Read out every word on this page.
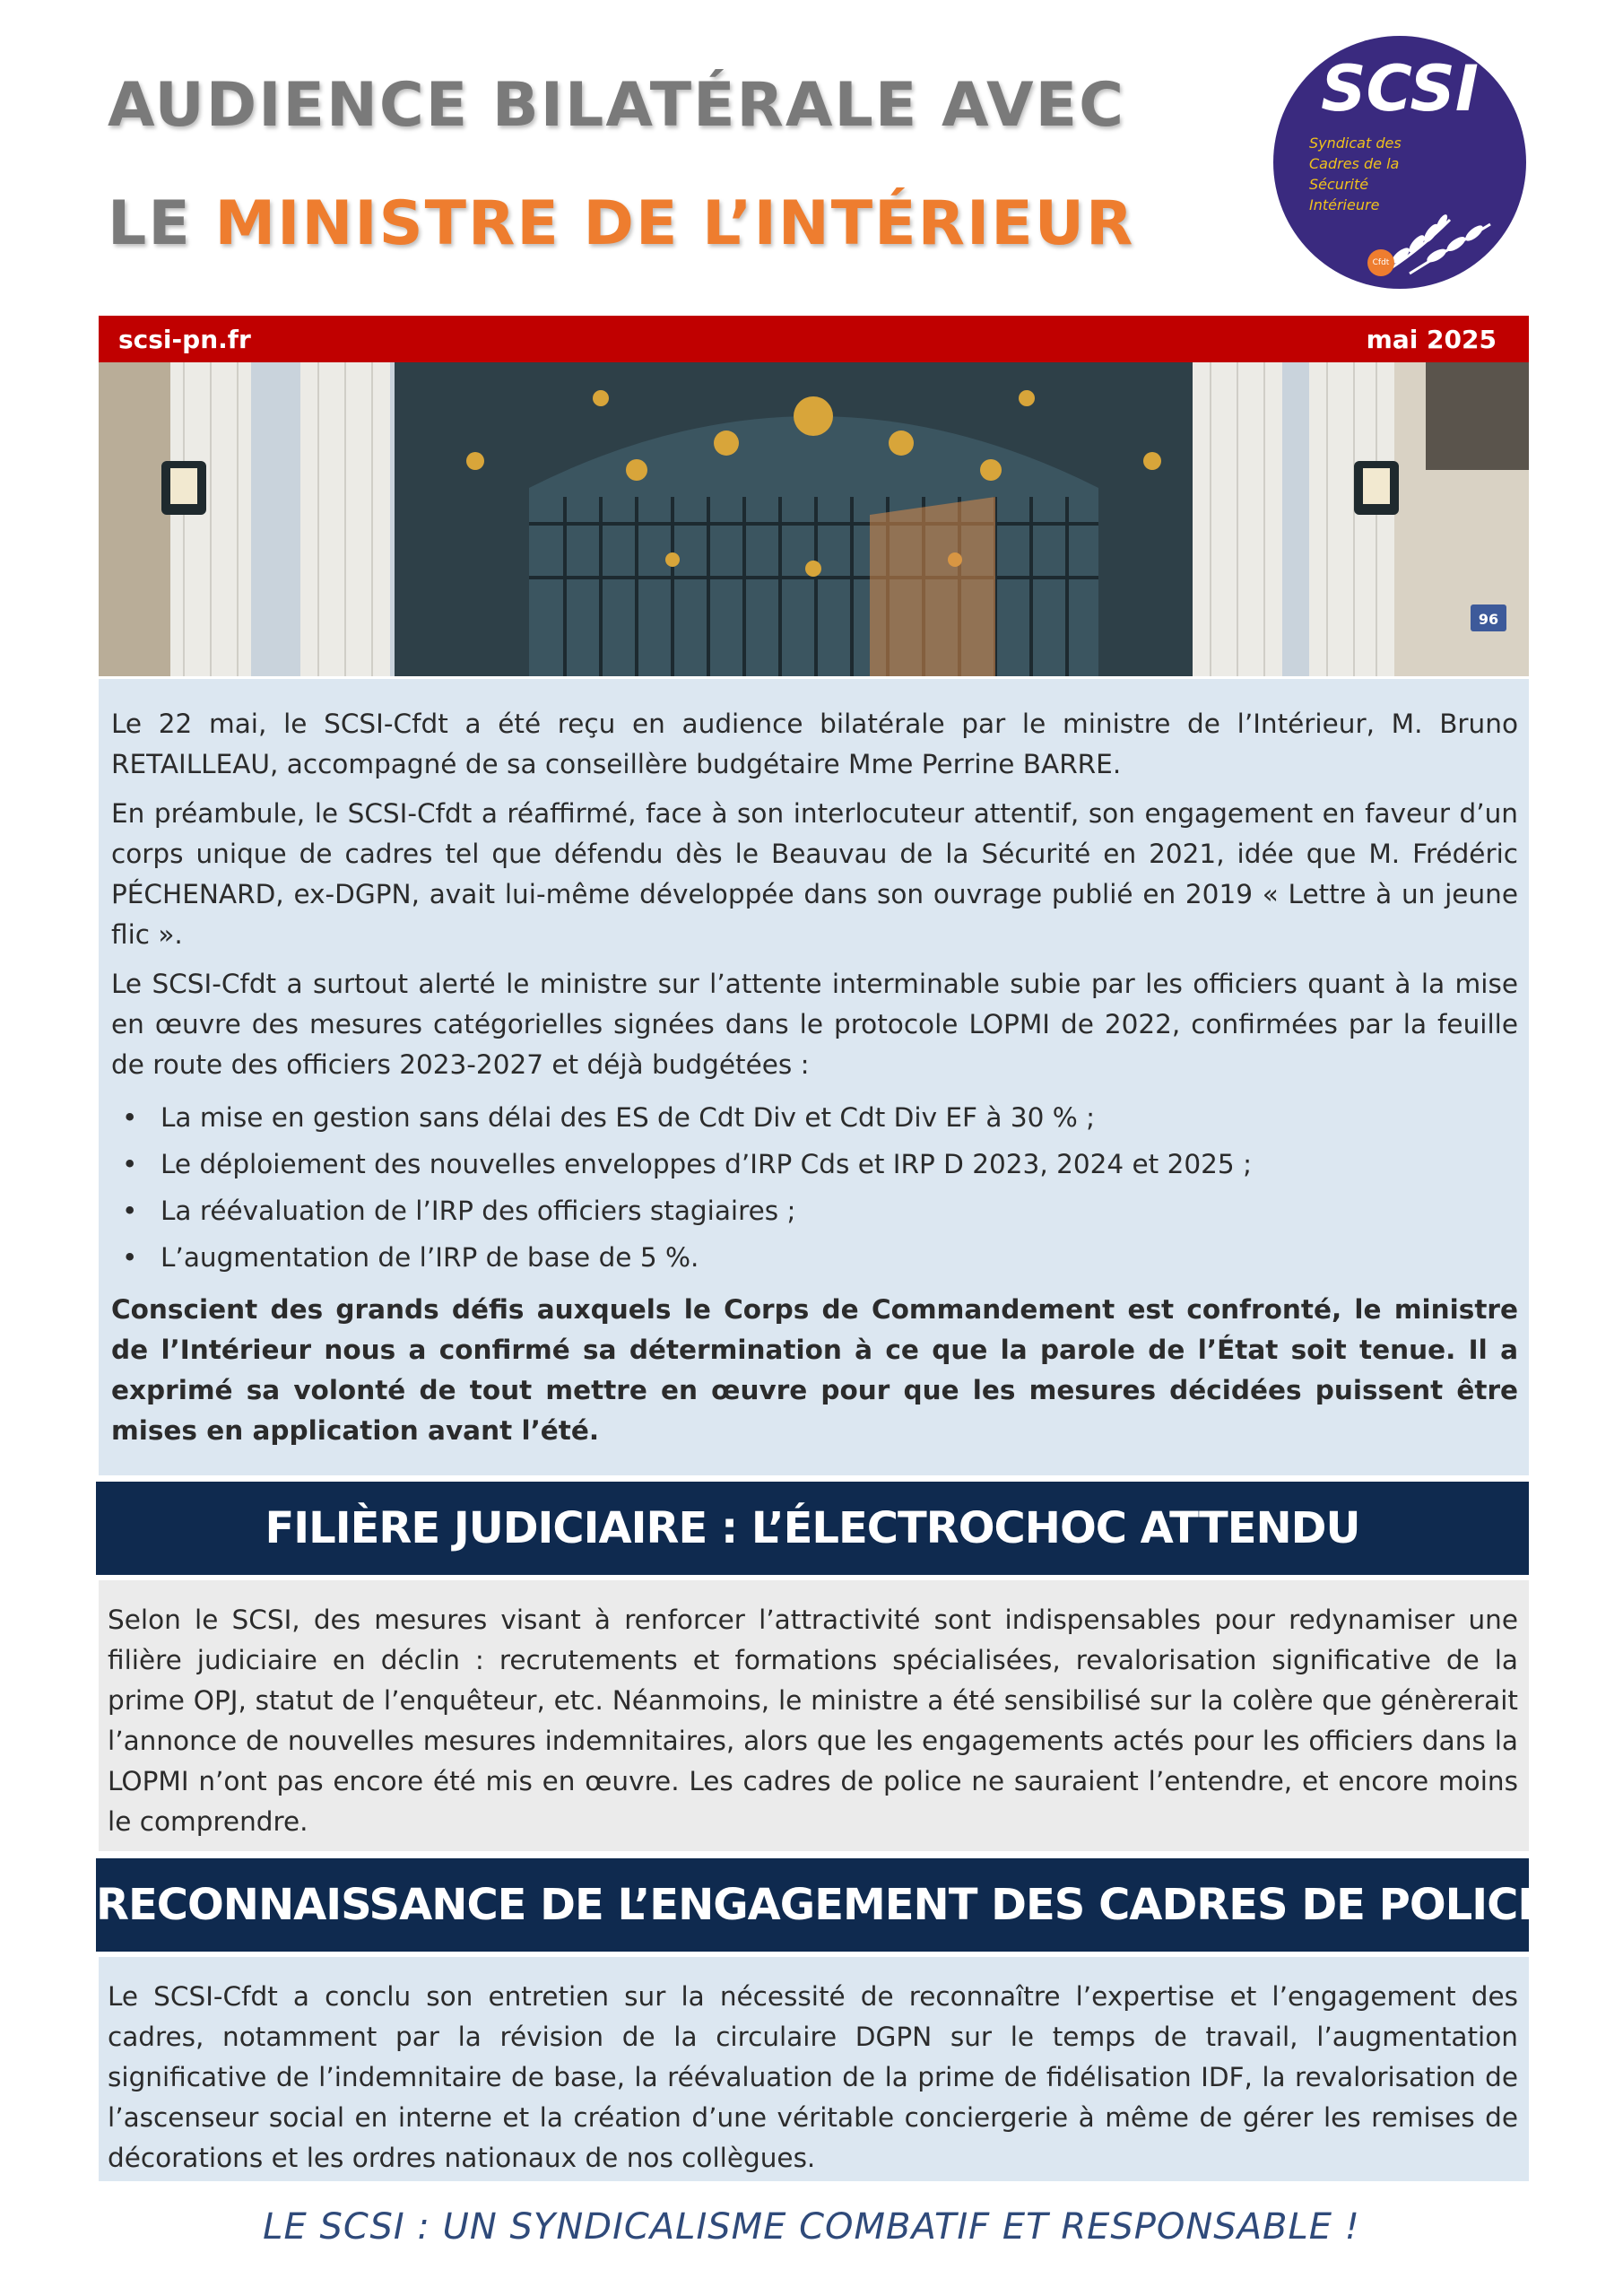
AUDIENCE BILATÉRALE AVEC
LE MINISTRE DE L’INTÉRIEUR
SCSI
Syndicat des
Cadres de la
Sécurité
Intérieure
Cfdt
scsi-pn.fr	mai 2025
96

Le 22 mai, le SCSI-Cfdt a été reçu en audience bilatérale par le ministre de l’Intérieur, M. Bruno RETAILLEAU, accompagné de sa conseillère budgétaire Mme Perrine BARRE.

En préambule, le SCSI-Cfdt a réaffirmé, face à son interlocuteur attentif, son engagement en faveur d’un corps unique de cadres tel que défendu dès le Beauvau de la Sécurité en 2021, idée que M. Frédéric PÉCHENARD, ex-DGPN, avait lui-même développée dans son ouvrage publié en 2019 « Lettre à un jeune flic ».

Le SCSI-Cfdt a surtout alerté le ministre sur l’attente interminable subie par les officiers quant à la mise en œuvre des mesures catégorielles signées dans le protocole LOPMI de 2022, confirmées par la feuille de route des officiers 2023-2027 et déjà budgétées :

• La mise en gestion sans délai des ES de Cdt Div et Cdt Div EF à 30 % ;
• Le déploiement des nouvelles enveloppes d’IRP Cds et IRP D 2023, 2024 et 2025 ;
• La réévaluation de l’IRP des officiers stagiaires ;
• L’augmentation de l’IRP de base de 5 %.

Conscient des grands défis auxquels le Corps de Commandement est confronté, le ministre de l’Intérieur nous a confirmé sa détermination à ce que la parole de l’État soit tenue. Il a exprimé sa volonté de tout mettre en œuvre pour que les mesures décidées puissent être mises en application avant l’été.

FILIÈRE JUDICIAIRE : L’ÉLECTROCHOC ATTENDU

Selon le SCSI, des mesures visant à renforcer l’attractivité sont indispensables pour redynamiser une filière judiciaire en déclin : recrutements et formations spécialisées, revalorisation significative de la prime OPJ, statut de l’enquêteur, etc. Néanmoins, le ministre a été sensibilisé sur la colère que génèrerait l’annonce de nouvelles mesures indemnitaires, alors que les engagements actés pour les officiers dans la LOPMI n’ont pas encore été mis en œuvre. Les cadres de police ne sauraient l’entendre, et encore moins le comprendre.

RECONNAISSANCE DE L’ENGAGEMENT DES CADRES DE POLICE

Le SCSI-Cfdt a conclu son entretien sur la nécessité de reconnaître l’expertise et l’engagement des cadres, notamment par la révision de la circulaire DGPN sur le temps de travail, l’augmentation significative de l’indemnitaire de base, la réévaluation de la prime de fidélisation IDF, la revalorisation de l’ascenseur social en interne et la création d’une véritable conciergerie à même de gérer les remises de décorations et les ordres nationaux de nos collègues.

LE SCSI : UN SYNDICALISME COMBATIF ET RESPONSABLE !
